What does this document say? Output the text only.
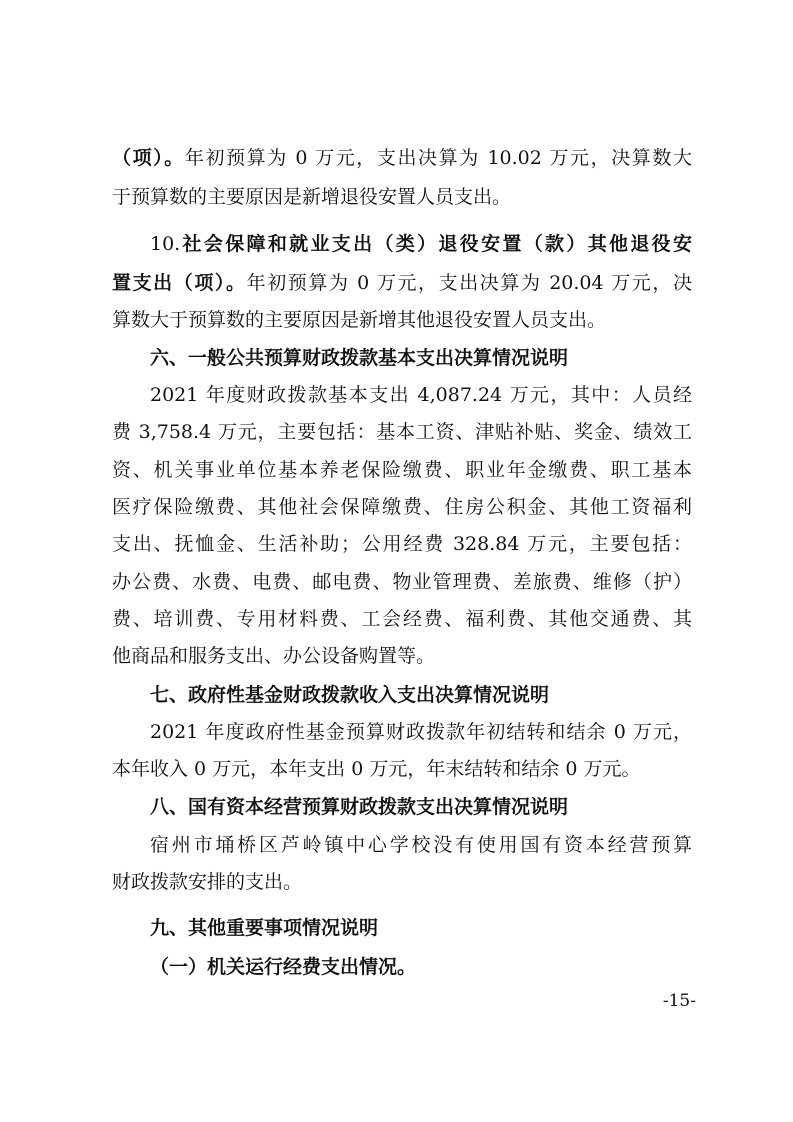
（项）。年初预算为 0 万元，支出决算为 10.02 万元，决算数大
于预算数的主要原因是新增退役安置人员支出。
10.社会保障和就业支出（类）退役安置（款）其他退役安
置支出（项）。年初预算为 0 万元，支出决算为 20.04 万元，决
算数大于预算数的主要原因是新增其他退役安置人员支出。
六、一般公共预算财政拨款基本支出决算情况说明
2021 年度财政拨款基本支出 4,087.24 万元，其中：人员经
费 3,758.4 万元，主要包括：基本工资、津贴补贴、奖金、绩效工
资、机关事业单位基本养老保险缴费、职业年金缴费、职工基本
医疗保险缴费、其他社会保障缴费、住房公积金、其他工资福利
支出、抚恤金、生活补助；公用经费 328.84 万元，主要包括：
办公费、水费、电费、邮电费、物业管理费、差旅费、维修（护）
费、培训费、专用材料费、工会经费、福利费、其他交通费、其
他商品和服务支出、办公设备购置等。
七、政府性基金财政拨款收入支出决算情况说明
2021 年度政府性基金预算财政拨款年初结转和结余 0 万元，
本年收入 0 万元，本年支出 0 万元，年末结转和结余 0 万元。
八、国有资本经营预算财政拨款支出决算情况说明
宿州市埇桥区芦岭镇中心学校没有使用国有资本经营预算
财政拨款安排的支出。
九、其他重要事项情况说明
（一）机关运行经费支出情况。
-15-
